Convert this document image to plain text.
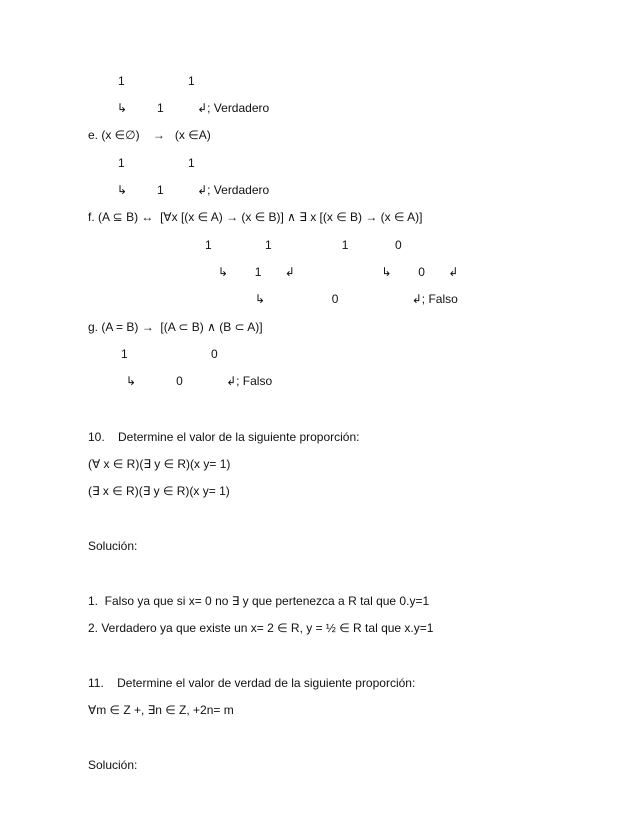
1                   1
↳         1          ↲; Verdadero
e. (x ∈∅)    →   (x ∈A)
1                   1
↳         1          ↲; Verdadero
f. (A ⊆ B) ↔  [∀x [(x ∈ A) → (x ∈ B)] ∧ ∃ x [(x ∈ B) → (x ∈ A)]
1                1                     1              0
↳        1       ↲                          ↳        0       ↲
↳                    0                      ↲; Falso
g. (A = B) →  [(A ⊂ B) ∧ (B ⊂ A)]
1                         0
↳            0             ↲; Falso
10.    Determine el valor de la siguiente proporción:
(∀ x ∈ R)(∃ y ∈ R)(x y= 1)
(∃ x ∈ R)(∃ y ∈ R)(x y= 1)
Solución:
1.  Falso ya que si x= 0 no ∃ y que pertenezca a R tal que 0.y=1
2. Verdadero ya que existe un x= 2 ∈ R, y = ½ ∈ R tal que x.y=1
11.    Determine el valor de verdad de la siguiente proporción:
∀m ∈ Z +, ∃n ∈ Z, +2n= m
Solución:
